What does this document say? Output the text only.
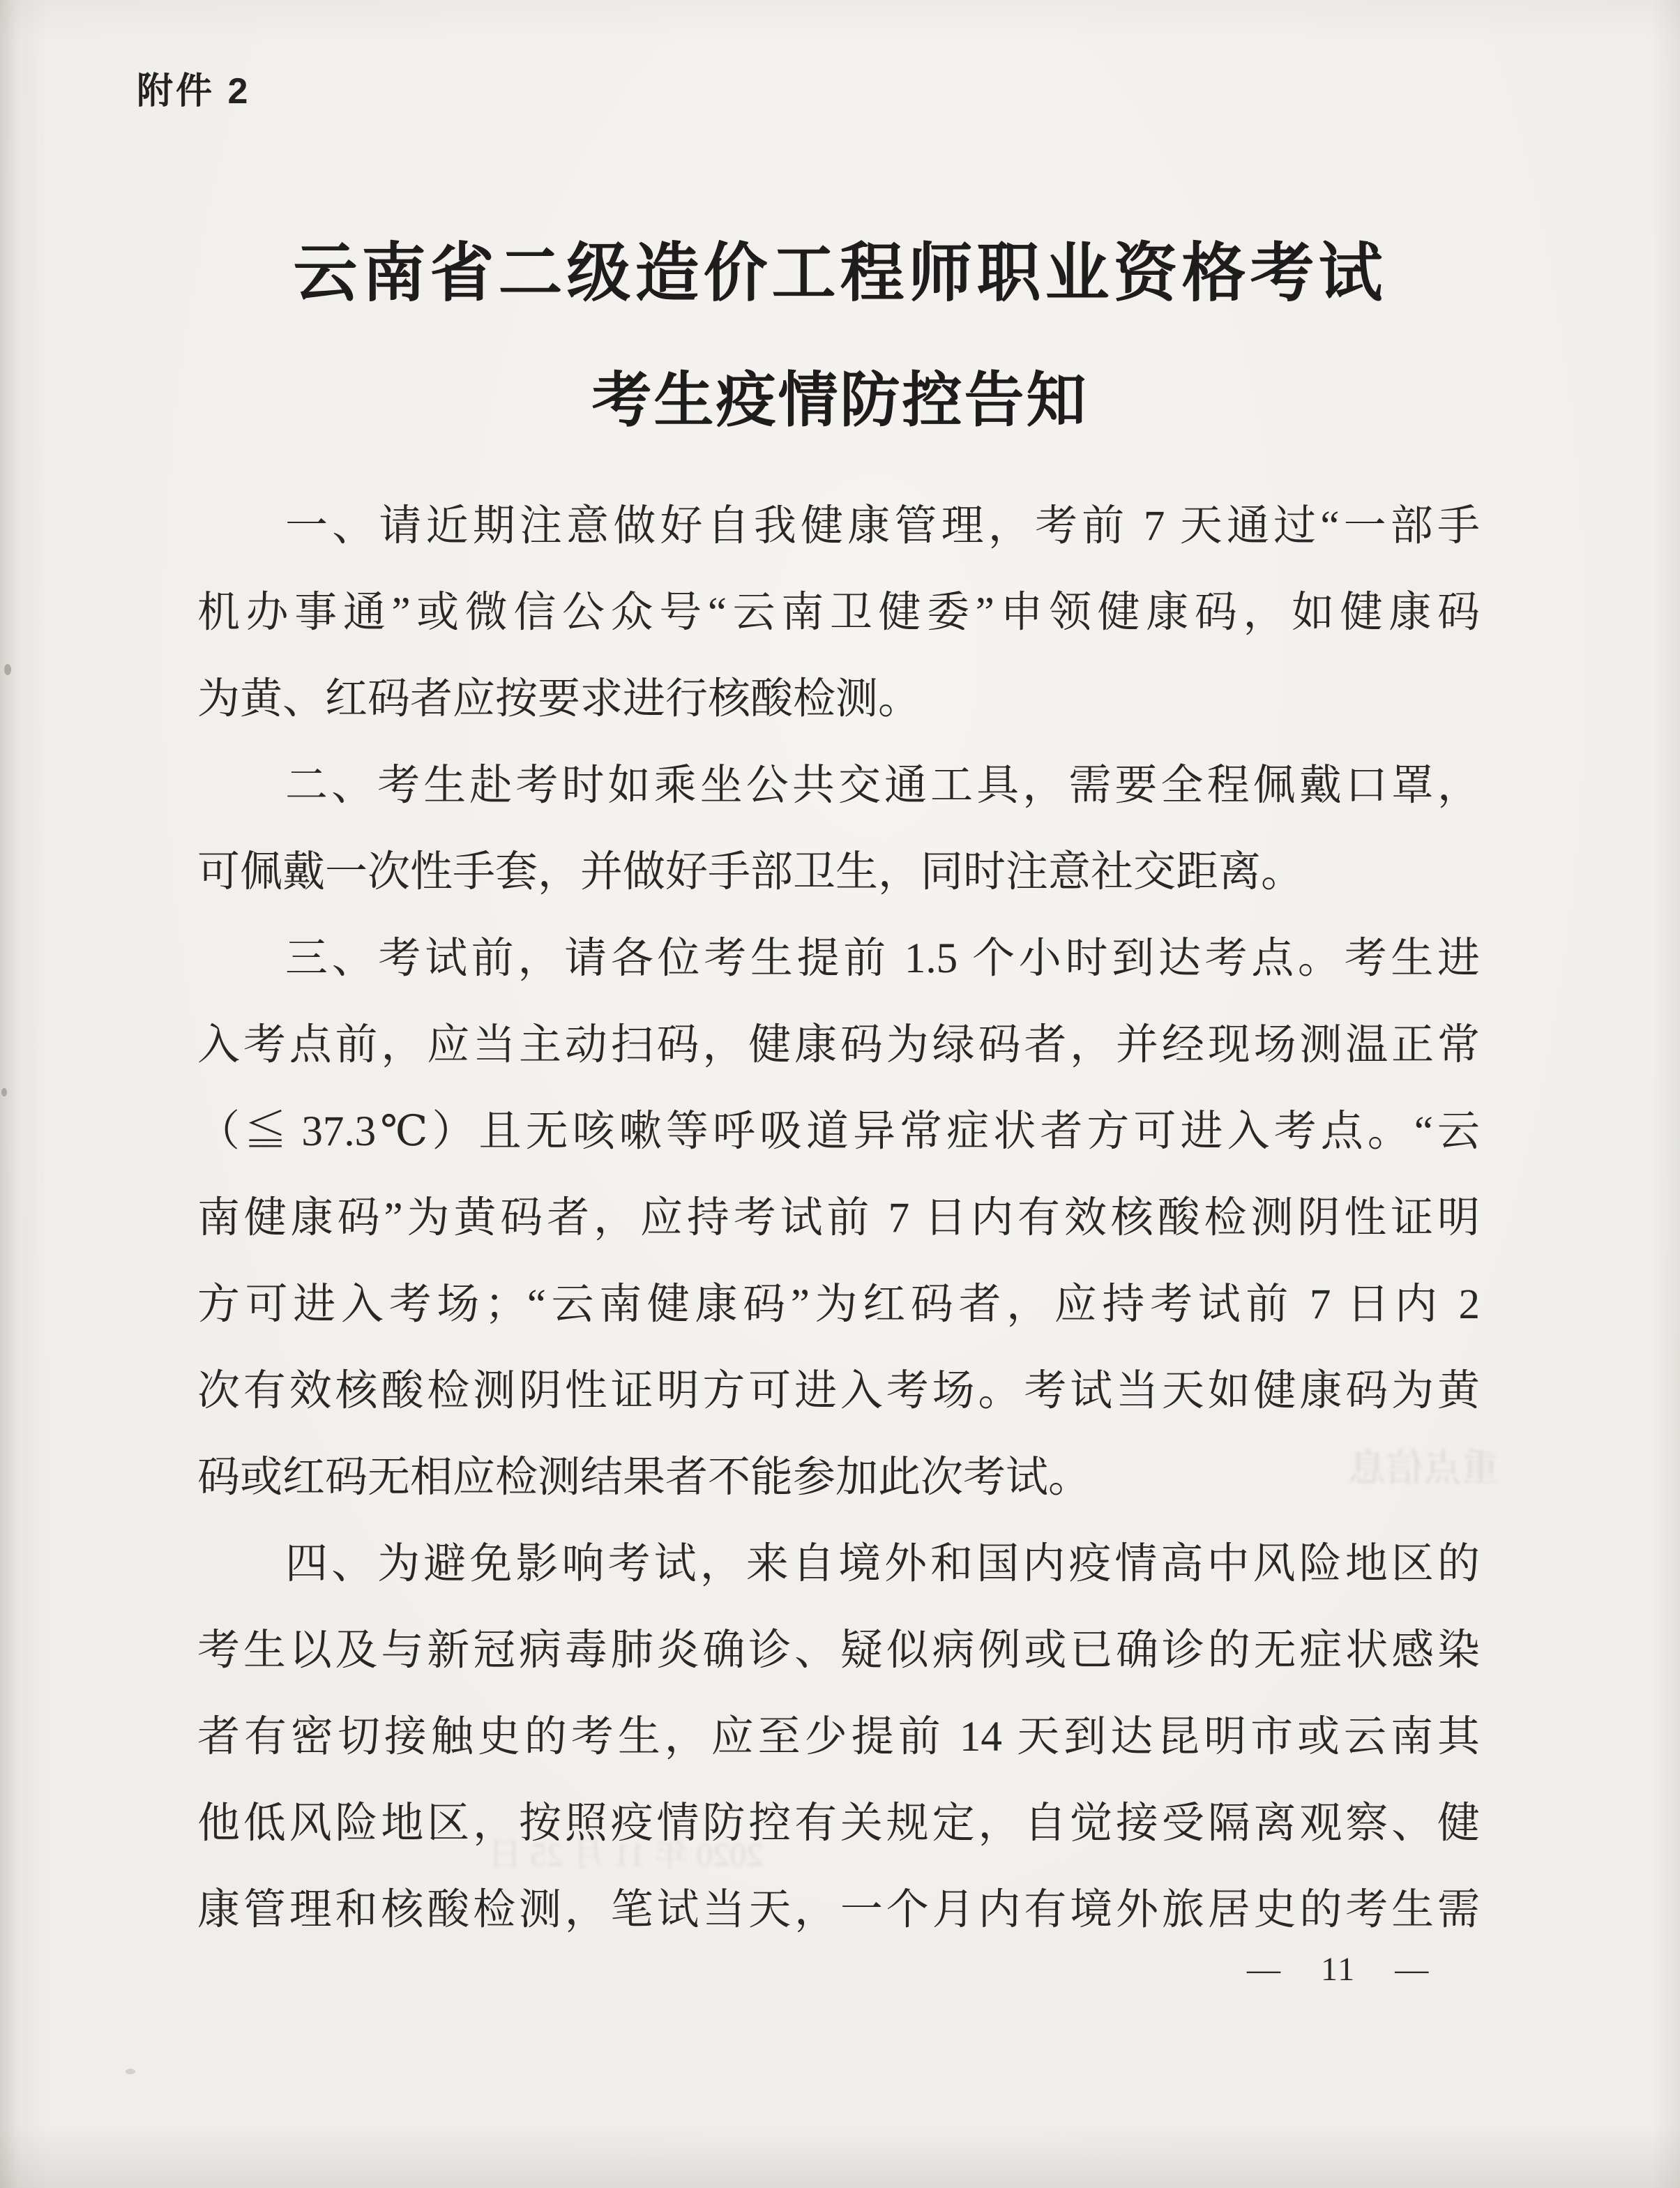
附件 2
云南省二级造价工程师职业资格考试
考生疫情防控告知
一、请近期注意做好自我健康管理，考前 7 天通过“一部手
机办事通”或微信公众号“云南卫健委”申领健康码，如健康码
为黄、红码者应按要求进行核酸检测。
二、考生赴考时如乘坐公共交通工具，需要全程佩戴口罩，
可佩戴一次性手套，并做好手部卫生，同时注意社交距离。
三、考试前，请各位考生提前 1.5 个小时到达考点。考生进
入考点前，应当主动扫码，健康码为绿码者，并经现场测温正常
（≦ 37.3℃）且无咳嗽等呼吸道异常症状者方可进入考点。“云
南健康码”为黄码者，应持考试前 7 日内有效核酸检测阴性证明
方可进入考场；“云南健康码”为红码者，应持考试前 7 日内 2
次有效核酸检测阴性证明方可进入考场。考试当天如健康码为黄
码或红码无相应检测结果者不能参加此次考试。
四、为避免影响考试，来自境外和国内疫情高中风险地区的
考生以及与新冠病毒肺炎确诊、疑似病例或已确诊的无症状感染
者有密切接触史的考生，应至少提前 14 天到达昆明市或云南其
他低风险地区，按照疫情防控有关规定，自觉接受隔离观察、健
康管理和核酸检测，笔试当天，一个月内有境外旅居史的考生需
重点信息
2020 年 11 月 25 日
— 11 —
